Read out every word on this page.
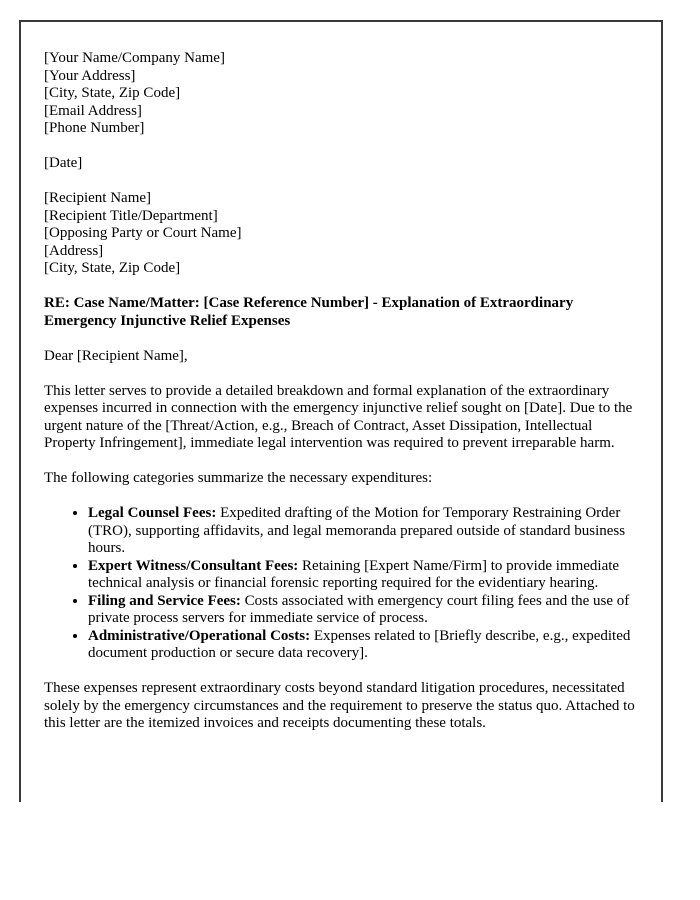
[Your Name/Company Name]
[Your Address]
[City, State, Zip Code]
[Email Address]
[Phone Number]

[Date]

[Recipient Name]
[Recipient Title/Department]
[Opposing Party or Court Name]
[Address]
[City, State, Zip Code]

RE: Case Name/Matter: [Case Reference Number] - Explanation of Extraordinary Emergency Injunctive Relief Expenses

Dear [Recipient Name],

This letter serves to provide a detailed breakdown and formal explanation of the extraordinary expenses incurred in connection with the emergency injunctive relief sought on [Date]. Due to the urgent nature of the [Threat/Action, e.g., Breach of Contract, Asset Dissipation, Intellectual Property Infringement], immediate legal intervention was required to prevent irreparable harm.

The following categories summarize the necessary expenditures:

• Legal Counsel Fees: Expedited drafting of the Motion for Temporary Restraining Order (TRO), supporting affidavits, and legal memoranda prepared outside of standard business hours.
• Expert Witness/Consultant Fees: Retaining [Expert Name/Firm] to provide immediate technical analysis or financial forensic reporting required for the evidentiary hearing.
• Filing and Service Fees: Costs associated with emergency court filing fees and the use of private process servers for immediate service of process.
• Administrative/Operational Costs: Expenses related to [Briefly describe, e.g., expedited document production or secure data recovery].

These expenses represent extraordinary costs beyond standard litigation procedures, necessitated solely by the emergency circumstances and the requirement to preserve the status quo. Attached to this letter are the itemized invoices and receipts documenting these totals.
